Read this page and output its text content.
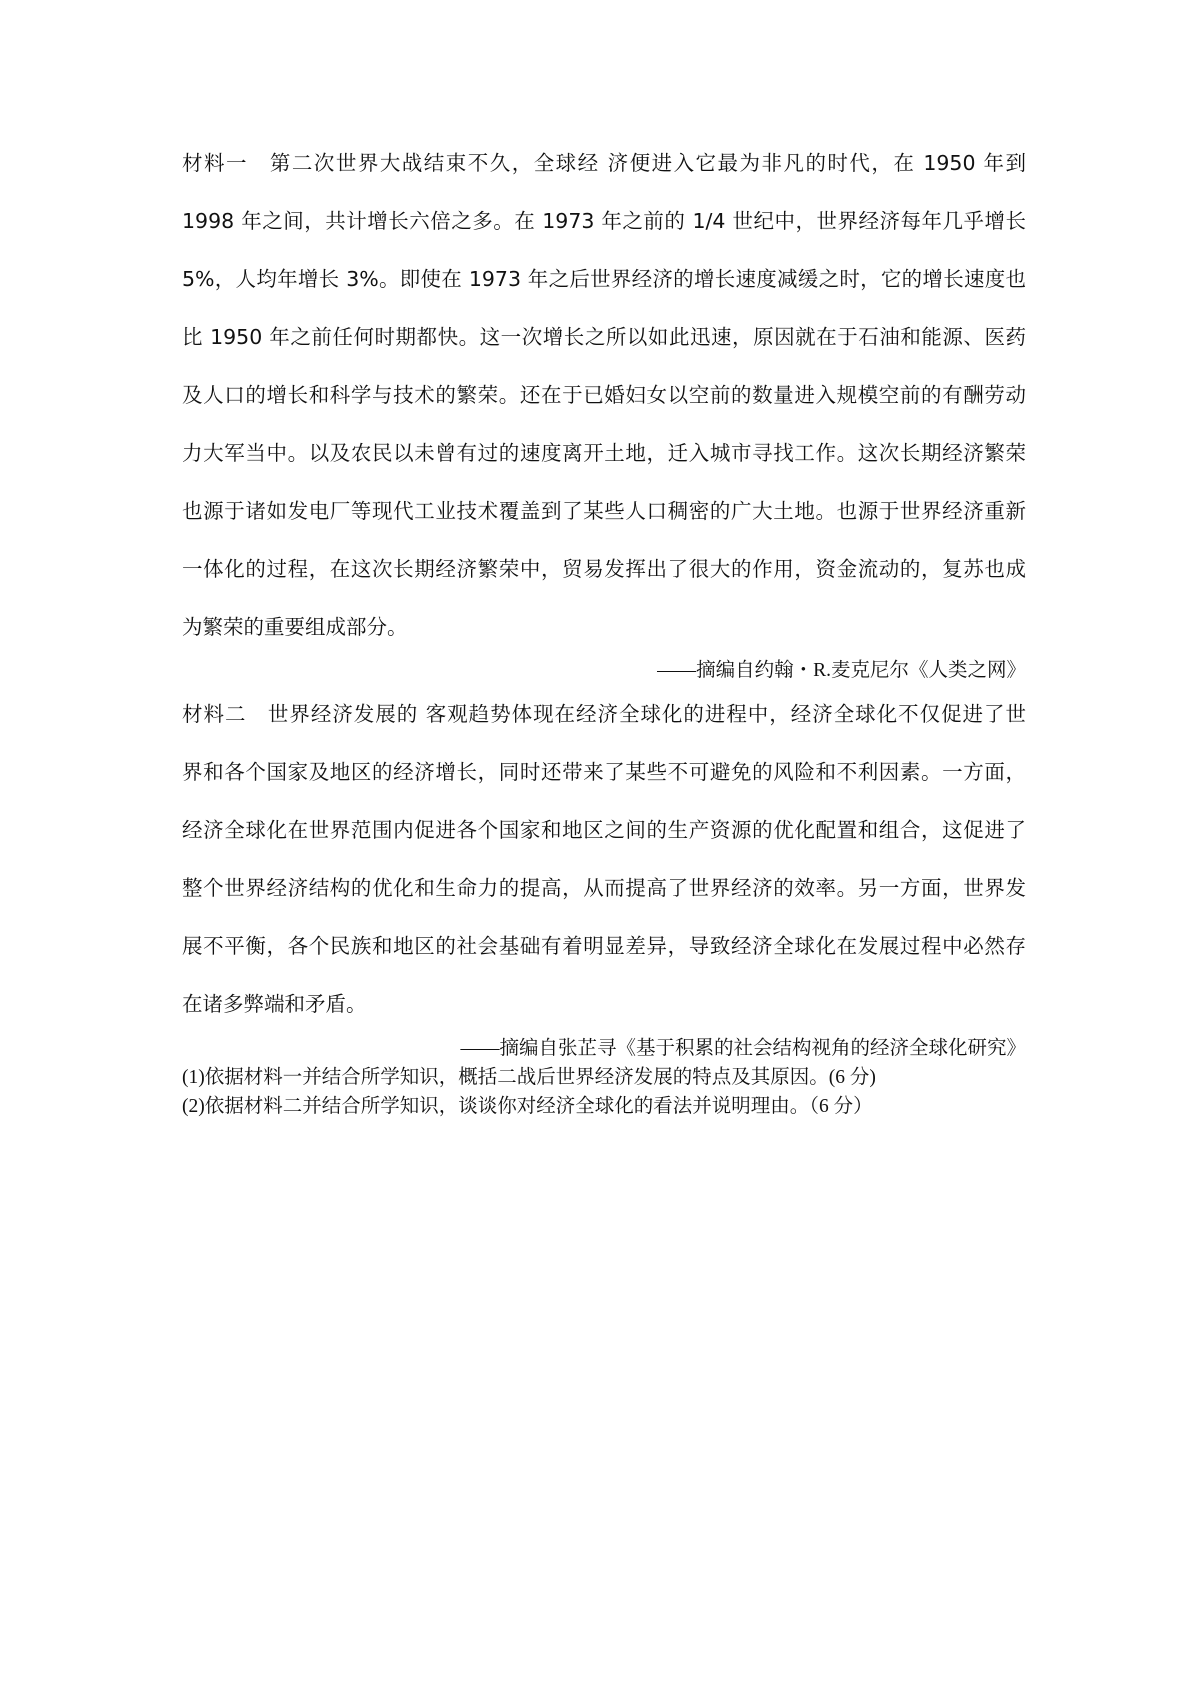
材料一　第二次世界大战结束不久，全球经 济便进入它最为非凡的时代，在 1950 年到
1998 年之间，共计增长六倍之多。在 1973 年之前的 1/4 世纪中，世界经济每年几乎增长
5%，人均年增长 3%。即使在 1973 年之后世界经济的增长速度减缓之时，它的增长速度也
比 1950 年之前任何时期都快。这一次增长之所以如此迅速，原因就在于石油和能源、医药
及人口的增长和科学与技术的繁荣。还在于已婚妇女以空前的数量进入规模空前的有酬劳动
力大军当中。以及农民以未曾有过的速度离开土地，迁入城市寻找工作。这次长期经济繁荣
也源于诸如发电厂等现代工业技术覆盖到了某些人口稠密的广大土地。也源于世界经济重新
一体化的过程，在这次长期经济繁荣中，贸易发挥出了很大的作用，资金流动的，复苏也成
为繁荣的重要组成部分。
——摘编自约翰・R.麦克尼尔《人类之网》
材料二　世界经济发展的 客观趋势体现在经济全球化的进程中，经济全球化不仅促进了世
界和各个国家及地区的经济增长，同时还带来了某些不可避免的风险和不利因素。一方面，
经济全球化在世界范围内促进各个国家和地区之间的生产资源的优化配置和组合，这促进了
整个世界经济结构的优化和生命力的提高，从而提高了世界经济的效率。另一方面，世界发
展不平衡，各个民族和地区的社会基础有着明显差异，导致经济全球化在发展过程中必然存
在诸多弊端和矛盾。
——摘编自张芷寻《基于积累的社会结构视角的经济全球化研究》
(1)依据材料一并结合所学知识，概括二战后世界经济发展的特点及其原因。(6 分)
(2)依据材料二并结合所学知识，谈谈你对经济全球化的看法并说明理由。（6 分）
